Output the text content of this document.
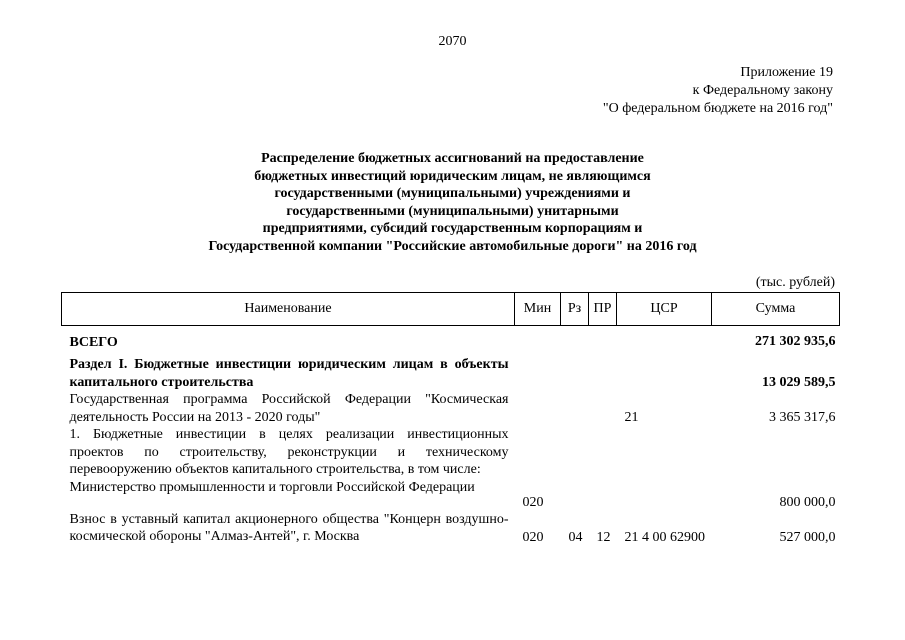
2070
Приложение 19
к Федеральному закону
"О федеральном бюджете на 2016 год"
Распределение бюджетных ассигнований на предоставление
бюджетных инвестиций юридическим лицам, не являющимся
государственными (муниципальными) учреждениями и
государственными (муниципальными) унитарными
предприятиями, субсидий государственным корпорациям и
Государственной компании "Российские автомобильные дороги" на 2016 год
(тыс. рублей)
Наименование	Мин	Рз	ПР	ЦСР	Сумма
ВСЕГО					271 302 935,6
Раздел I. Бюджетные инвестиции юридическим лицам в объекты капитального строительства					13 029 589,5
Государственная программа Российской Федерации "Космическая деятельность России на 2013 - 2020 годы"				21	3 365 317,6
1. Бюджетные инвестиции в целях реализации инвестиционных проектов по строительству, реконструкции и техническому перевооружению объектов капитального строительства, в том числе:					
Министерство промышленности и торговли Российской Федерации	020				800 000,0
Взнос в уставный капитал акционерного общества "Концерн воздушно-космической обороны "Алмаз-Антей", г. Москва	020	04	12	21 4 00 62900	527 000,0
